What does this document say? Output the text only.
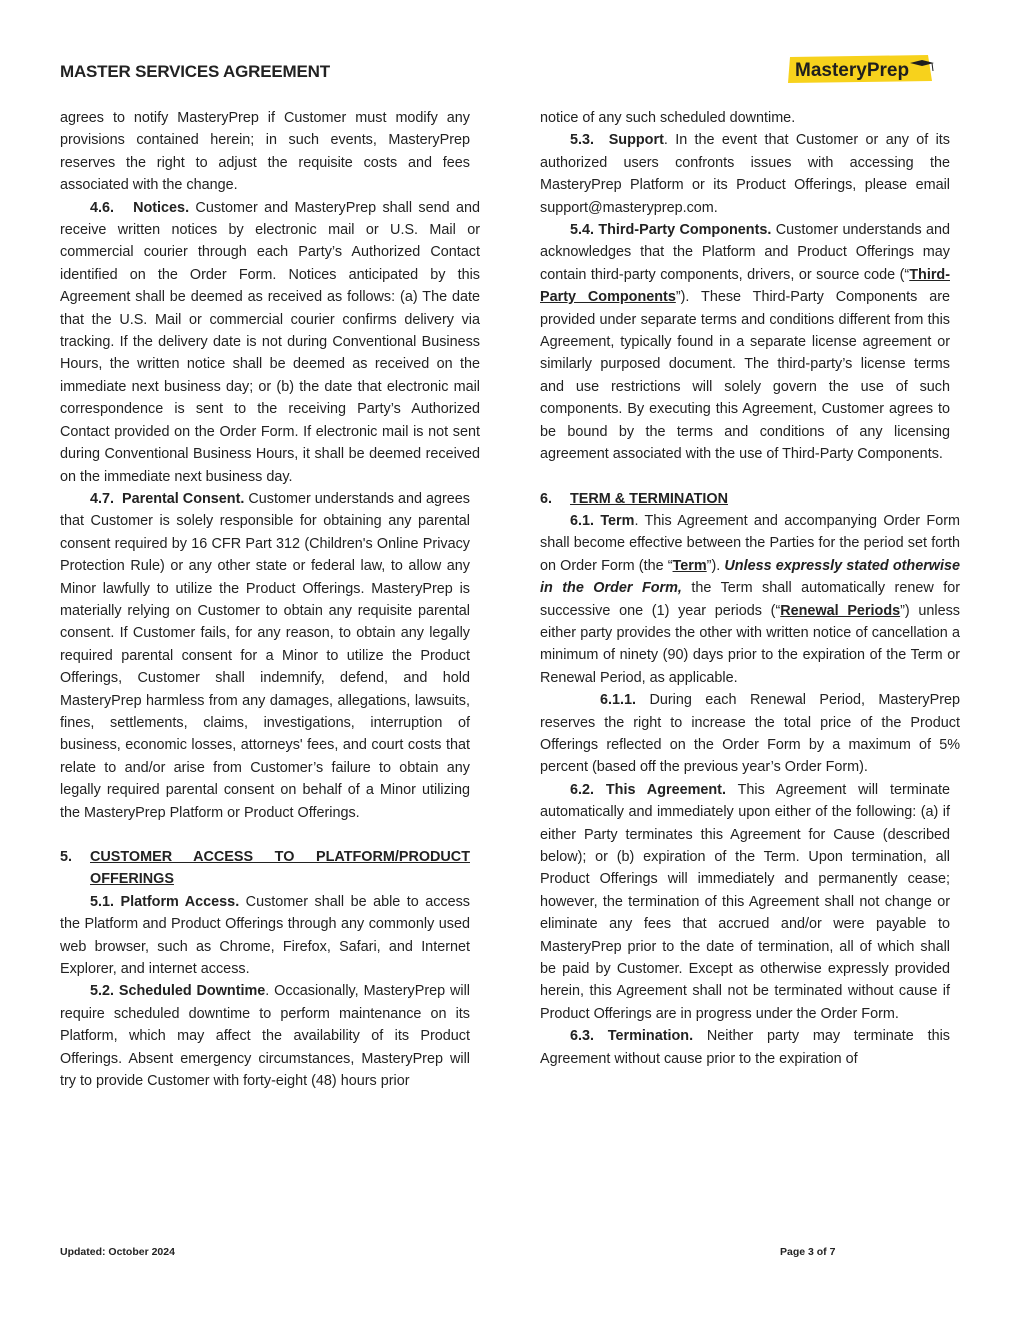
MASTER SERVICES AGREEMENT	MasteryPrep

agrees to notify MasteryPrep if Customer must modify any provisions contained herein; in such events, MasteryPrep reserves the right to adjust the requisite costs and fees associated with the change.

4.6.   Notices. Customer and MasteryPrep shall send and receive written notices by electronic mail or U.S. Mail or commercial courier through each Party’s Authorized Contact identified on the Order Form. Notices anticipated by this Agreement shall be deemed as received as follows: (a) The date that the U.S. Mail or commercial courier confirms delivery via tracking. If the delivery date is not during Conventional Business Hours, the written notice shall be deemed as received on the immediate next business day; or (b) the date that electronic mail correspondence is sent to the receiving Party’s Authorized Contact provided on the Order Form. If electronic mail is not sent during Conventional Business Hours, it shall be deemed received on the immediate next business day.

4.7.  Parental Consent. Customer understands and agrees that Customer is solely responsible for obtaining any parental consent required by 16 CFR Part 312 (Children's Online Privacy Protection Rule) or any other state or federal law, to allow any Minor lawfully to utilize the Product Offerings. MasteryPrep is materially relying on Customer to obtain any requisite parental consent. If Customer fails, for any reason, to obtain any legally required parental consent for a Minor to utilize the Product Offerings, Customer shall indemnify, defend, and hold MasteryPrep harmless from any damages, allegations, lawsuits, fines, settlements, claims, investigations, interruption of business, economic losses, attorneys' fees, and court costs that relate to and/or arise from Customer’s failure to obtain any legally required parental consent on behalf of a Minor utilizing the MasteryPrep Platform or Product Offerings.

5.	CUSTOMER ACCESS TO PLATFORM/PRODUCT OFFERINGS

5.1. Platform Access. Customer shall be able to access the Platform and Product Offerings through any commonly used web browser, such as Chrome, Firefox, Safari, and Internet Explorer, and internet access.

5.2. Scheduled Downtime. Occasionally, MasteryPrep will require scheduled downtime to perform maintenance on its Platform, which may affect the availability of its Product Offerings. Absent emergency circumstances, MasteryPrep will try to provide Customer with forty-eight (48) hours prior

notice of any such scheduled downtime.

5.3.  Support. In the event that Customer or any of its authorized users confronts issues with accessing the MasteryPrep Platform or its Product Offerings, please email support@masteryprep.com.

5.4. Third-Party Components. Customer understands and acknowledges that the Platform and Product Offerings may contain third-party components, drivers, or source code (“Third-Party Components”). These Third-Party Components are provided under separate terms and conditions different from this Agreement, typically found in a separate license agreement or similarly purposed document. The third-party’s license terms and use restrictions will solely govern the use of such components. By executing this Agreement, Customer agrees to be bound by the terms and conditions of any licensing agreement associated with the use of Third-Party Components.

6.	TERM & TERMINATION

6.1. Term. This Agreement and accompanying Order Form shall become effective between the Parties for the period set forth on Order Form (the “Term”). Unless expressly stated otherwise in the Order Form, the Term shall automatically renew for successive one (1) year periods (“Renewal Periods”) unless either party provides the other with written notice of cancellation a minimum of ninety (90) days prior to the expiration of the Term or Renewal Period, as applicable.

6.1.1. During each Renewal Period, MasteryPrep reserves the right to increase the total price of the Product Offerings reflected on the Order Form by a maximum of 5% percent (based off the previous year’s Order Form).

6.2. This Agreement. This Agreement will terminate automatically and immediately upon either of the following: (a) if either Party terminates this Agreement for Cause (described below); or (b) expiration of the Term. Upon termination, all Product Offerings will immediately and permanently cease; however, the termination of this Agreement shall not change or eliminate any fees that accrued and/or were payable to MasteryPrep prior to the date of termination, all of which shall be paid by Customer. Except as otherwise expressly provided herein, this Agreement shall not be terminated without cause if Product Offerings are in progress under the Order Form.

6.3. Termination. Neither party may terminate this Agreement without cause prior to the expiration of

Updated: October 2024	Page 3 of 7
